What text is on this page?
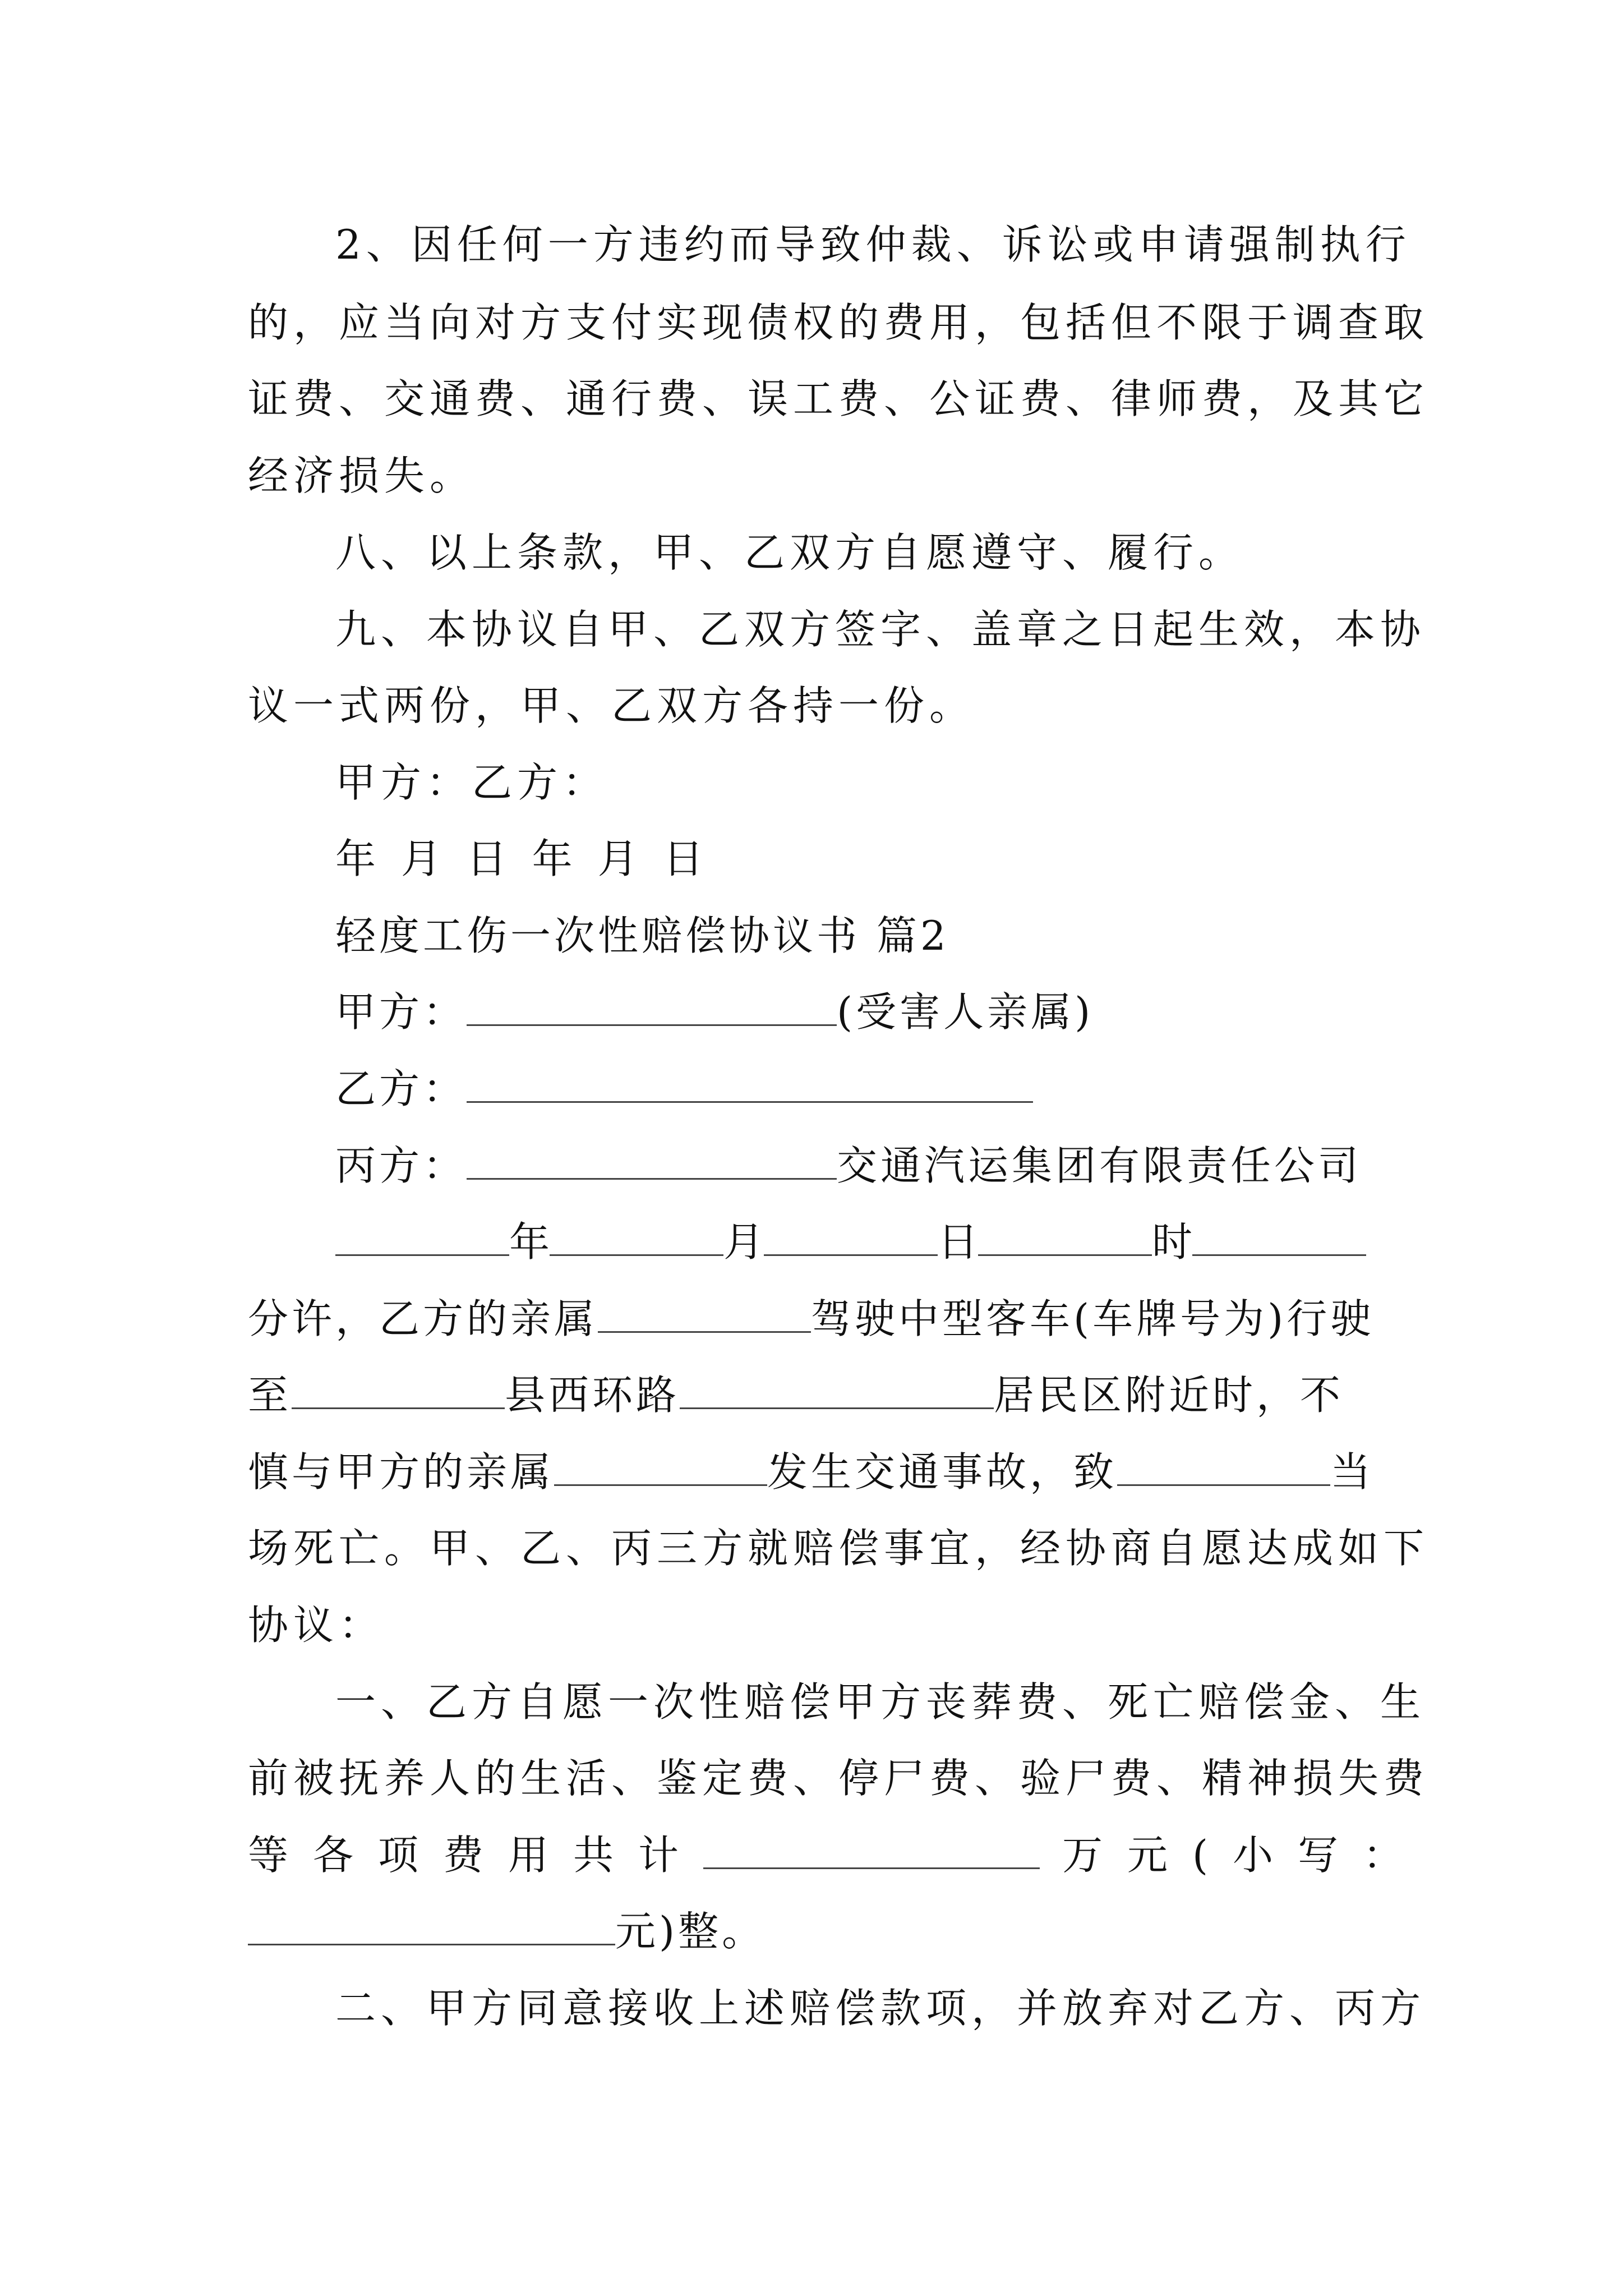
2、因任何一方违约而导致仲裁、诉讼或申请强制执行
的，应当向对方支付实现债权的费用，包括但不限于调查取
证费、交通费、通行费、误工费、公证费、律师费，及其它
经济损失。
八、以上条款，甲、乙双方自愿遵守、履行。
九、本协议自甲、乙双方签字、盖章之日起生效，本协
议一式两份，甲、乙双方各持一份。
甲方：乙方：
年 月 日 年 月 日
轻度工伤一次性赔偿协议书 篇2
甲方：	(受害人亲属)
乙方：
丙方：	交通汽运集团有限责任公司
年	月	日	时
分许，乙方的亲属	驾驶中型客车(车牌号为)行驶
至	县西环路	居民区附近时，不
慎与甲方的亲属	发生交通事故，致	当
场死亡。甲、乙、丙三方就赔偿事宜，经协商自愿达成如下
协议：
一、乙方自愿一次性赔偿甲方丧葬费、死亡赔偿金、生
前被抚养人的生活、鉴定费、停尸费、验尸费、精神损失费
等各项费用共计	万元(小写：
元)整。
二、甲方同意接收上述赔偿款项，并放弃对乙方、丙方
